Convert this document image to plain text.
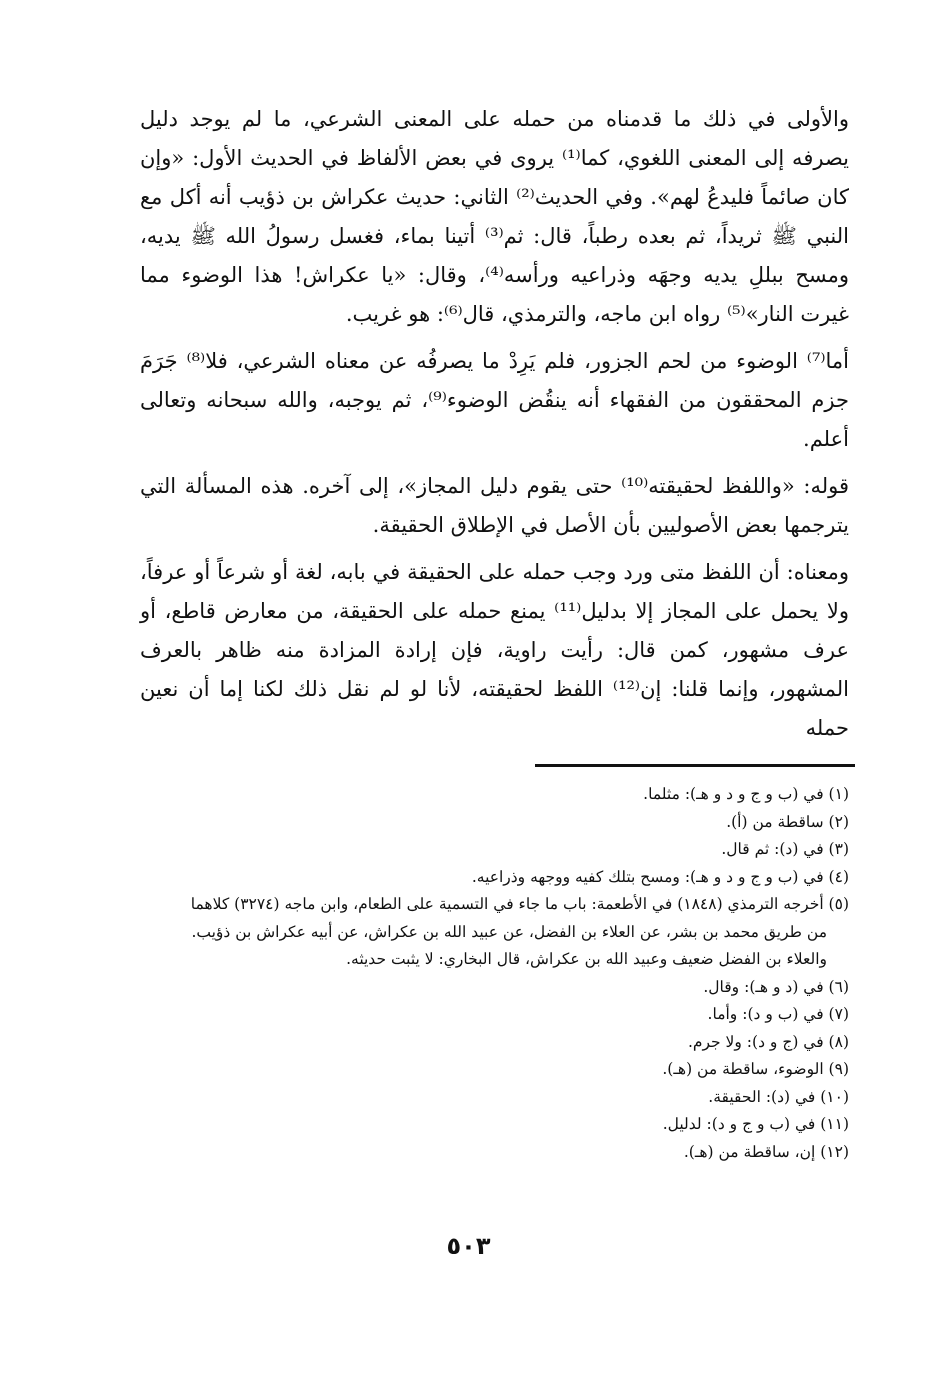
والأولى في ذلك ما قدمناه من حمله على المعنى الشرعي، ما لم يوجد دليل يصرفه إلى المعنى اللغوي، كما⁽¹⁾ يروى في بعض الألفاظ في الحديث الأول: «وإن كان صائماً فليدعُ لهم». وفي الحديث⁽²⁾ الثاني: حديث عكراش بن ذؤيب أنه أكل مع النبي ﷺ ثريداً، ثم بعده رطباً، قال: ثم⁽³⁾ أتينا بماء، فغسل رسولُ الله ﷺ يديه، ومسح ببللِ يديه وجهَه وذراعيه ورأسه⁽⁴⁾، وقال: «يا عكراش! هذا الوضوء مما غيرت النار»⁽⁵⁾ رواه ابن ماجه، والترمذي، قال⁽⁶⁾: هو غريب.

أما⁽⁷⁾ الوضوء من لحم الجزور، فلم يَرِدْ ما يصرفُه عن معناه الشرعي، فلا⁽⁸⁾ جَرَمَ جزم المحققون من الفقهاء أنه ينقُض الوضوء⁽⁹⁾، ثم يوجبه، والله سبحانه وتعالى أعلم.

قوله: «واللفظ لحقيقته⁽¹⁰⁾ حتى يقوم دليل المجاز»، إلى آخره. هذه المسألة التي يترجمها بعض الأصوليين بأن الأصل في الإطلاق الحقيقة.

ومعناه: أن اللفظ متى ورد وجب حمله على الحقيقة في بابه، لغة أو شرعاً أو عرفاً، ولا يحمل على المجاز إلا بدليل⁽¹¹⁾ يمنع حمله على الحقيقة، من معارض قاطع، أو عرف مشهور، كمن قال: رأيت راوية، فإن إرادة المزادة منه ظاهر بالعرف المشهور، وإنما قلنا: إن⁽¹²⁾ اللفظ لحقيقته، لأنا لو لم نقل ذلك لكنا إما أن نعين حمله

(١) في (ب و ج و د و هـ): مثلما.
(٢) ساقطة من (أ).
(٣) في (د): ثم قال.
(٤) في (ب و ج و د و هـ): ومسح بتلك كفيه ووجهه وذراعيه.
(٥) أخرجه الترمذي (١٨٤٨) في الأطعمة: باب ما جاء في التسمية على الطعام، وابن ماجه (٣٢٧٤) كلاهما
من طريق محمد بن بشر، عن العلاء بن الفضل، عن عبيد الله بن عكراش، عن أبيه عكراش بن ذؤيب.
والعلاء بن الفضل ضعيف وعبيد الله بن عكراش، قال البخاري: لا يثبت حديثه.
(٦) في (د و هـ): وقال.
(٧) في (ب و د): وأما.
(٨) في (ج و د): ولا جرم.
(٩) الوضوء، ساقطة من (هـ).
(١٠) في (د): الحقيقة.
(١١) في (ب و ج و د): لدليل.
(١٢) إن، ساقطة من (هـ).
٥٠٣
